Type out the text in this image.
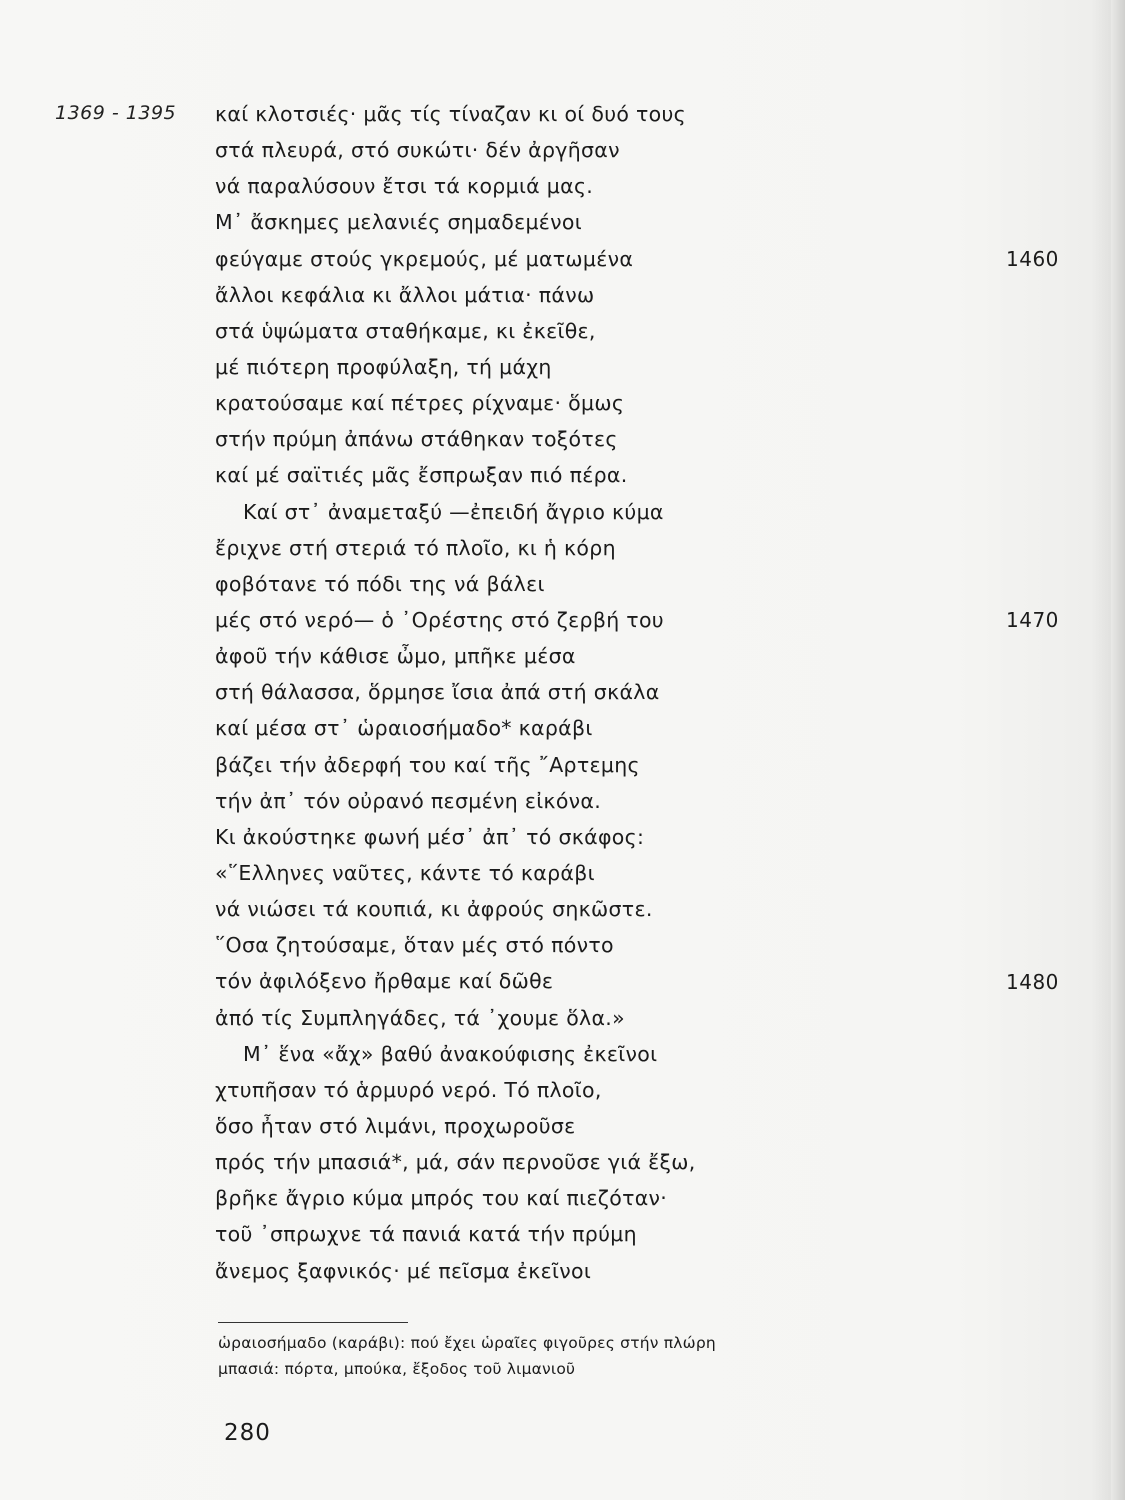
1369 - 1395 καί κλοτσιές· μᾶς τίς τίναζαν κι οί δυό τους
στά πλευρά, στό συκώτι· δέν ἀργῆσαν
νά παραλύσουν ἔτσι τά κορμιά μας.
Μ᾿ ἄσκημες μελανιές σημαδεμένοι
φεύγαμε στούς γκρεμούς, μέ ματωμένα
ἄλλοι κεφάλια κι ἄλλοι μάτια· πάνω
στά ὑψώματα σταθήκαμε, κι ἐκεῖθε,
μέ πιότερη προφύλαξη, τή μάχη
κρατούσαμε καί πέτρες ρίχναμε· ὅμως
στήν πρύμη ἀπάνω στάθηκαν τοξότες
καί μέ σαϊτιές μᾶς ἔσπρωξαν πιό πέρα.
Καί στ᾿ ἀναμεταξύ —ἐπειδή ἄγριο κύμα
ἔριχνε στή στεριά τό πλοῖο, κι ἡ κόρη
φοβότανε τό πόδι της νά βάλει
μές στό νερό— ὁ ᾿Ορέστης στό ζερβή του
ἀφοῦ τήν κάθισε ὦμο, μπῆκε μέσα
στή θάλασσα, ὅρμησε ἴσια ἀπά στή σκάλα
καί μέσα στ᾿ ὡραιοσήμαδο* καράβι
βάζει τήν ἀδερφή του καί τῆς ῎Αρτεμης
τήν ἀπ᾿ τόν οὐρανό πεσμένη εἰκόνα.
Κι ἀκούστηκε φωνή μέσ᾿ ἀπ᾿ τό σκάφος:
«῞Ελληνες ναῦτες, κάντε τό καράβι
νά νιώσει τά κουπιά, κι ἀφρούς σηκῶστε.
῞Οσα ζητούσαμε, ὅταν μές στό πόντο
τόν ἀφιλόξενο ἤρθαμε καί δῶθε
ἀπό τίς Συμπληγάδες, τά ᾿χουμε ὅλα.»
Μ᾿ ἕνα «ἄχ» βαθύ ἀνακούφισης ἐκεῖνοι
χτυπῆσαν τό ἁρμυρό νερό. Τό πλοῖο,
ὅσο ἦταν στό λιμάνι, προχωροῦσε
πρός τήν μπασιά*, μά, σάν περνοῦσε γιά ἔξω,
βρῆκε ἄγριο κύμα μπρός του καί πιεζόταν·
τοῦ ᾿σπρωχνε τά πανιά κατά τήν πρύμη
ἄνεμος ξαφνικός· μέ πεῖσμα ἐκεῖνοι
1460
1470
1480
ὡραιοσήμαδο (καράβι): πού ἔχει ὡραῖες φιγοῦρες στήν πλώρη
μπασιά: πόρτα, μπούκα, ἔξοδος τοῦ λιμανιοῦ
280
